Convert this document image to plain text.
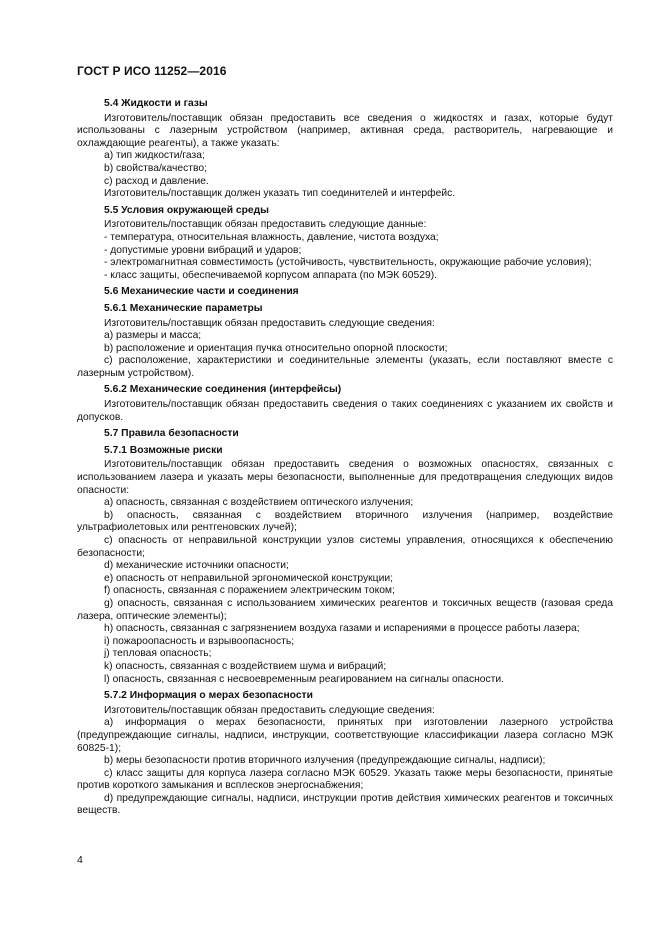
ГОСТ Р ИСО 11252—2016
5.4 Жидкости и газы
Изготовитель/поставщик обязан предоставить все сведения о жидкостях и газах, которые будут использованы с лазерным устройством (например, активная среда, растворитель, нагревающие и охлаждающие реагенты), а также указать:
a) тип жидкости/газа;
b) свойства/качество;
c) расход и давление.
Изготовитель/поставщик должен указать тип соединителей и интерфейс.
5.5 Условия окружающей среды
Изготовитель/поставщик обязан предоставить следующие данные:
- температура, относительная влажность, давление, чистота воздуха;
- допустимые уровни вибраций и ударов;
- электромагнитная совместимость (устойчивость, чувствительность, окружающие рабочие условия);
- класс защиты, обеспечиваемой корпусом аппарата (по МЭК 60529).
5.6 Механические части и соединения
5.6.1 Механические параметры
Изготовитель/поставщик обязан предоставить следующие сведения:
a) размеры и масса;
b) расположение и ориентация пучка относительно опорной плоскости;
c) расположение, характеристики и соединительные элементы (указать, если поставляют вместе с лазерным устройством).
5.6.2 Механические соединения (интерфейсы)
Изготовитель/поставщик обязан предоставить сведения о таких соединениях с указанием их свойств и допусков.
5.7 Правила безопасности
5.7.1 Возможные риски
Изготовитель/поставщик обязан предоставить сведения о возможных опасностях, связанных с использованием лазера и указать меры безопасности, выполненные для предотвращения следующих видов опасности:
a) опасность, связанная с воздействием оптического излучения;
b) опасность, связанная с воздействием вторичного излучения (например, воздействие ультрафиолетовых или рентгеновских лучей);
c) опасность от неправильной конструкции узлов системы управления, относящихся к обеспечению безопасности;
d) механические источники опасности;
e) опасность от неправильной эргономической конструкции;
f) опасность, связанная с поражением электрическим током;
g) опасность, связанная с использованием химических реагентов и токсичных веществ (газовая среда лазера, оптические элементы);
h) опасность, связанная с загрязнением воздуха газами и испарениями в процессе работы лазера;
i) пожароопасность и взрывоопасность;
j) тепловая опасность;
k) опасность, связанная с воздействием шума и вибраций;
l) опасность, связанная с несвоевременным реагированием на сигналы опасности.
5.7.2 Информация о мерах безопасности
Изготовитель/поставщик обязан предоставить следующие сведения:
a) информация о мерах безопасности, принятых при изготовлении лазерного устройства (предупреждающие сигналы, надписи, инструкции, соответствующие классификации лазера согласно МЭК 60825-1);
b) меры безопасности против вторичного излучения (предупреждающие сигналы, надписи);
c) класс защиты для корпуса лазера согласно МЭК 60529. Указать также меры безопасности, принятые против короткого замыкания и всплесков энергоснабжения;
d) предупреждающие сигналы, надписи, инструкции против действия химических реагентов и токсичных веществ.
4
